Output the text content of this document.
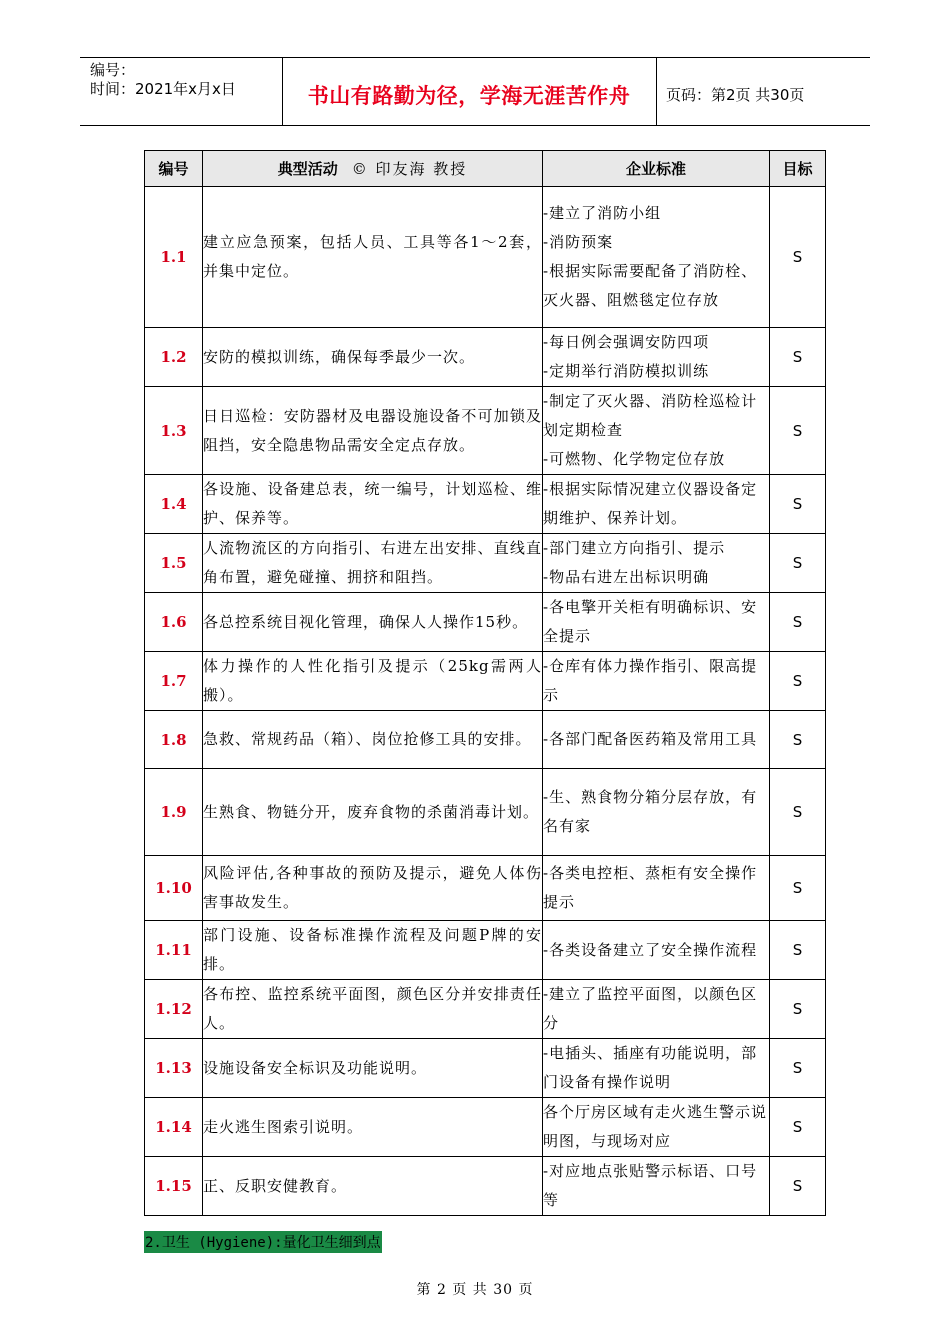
编号：
时间：2021年x月x日	书山有路勤为径，学海无涯苦作舟	页码：第2页 共30页
编号	典型活动 © 印友海 教授	企业标准	目标
1.1	建立应急预案，包括人员、工具等各1～2套，并集中定位。	-建立了消防小组
-消防预案
-根据实际需要配备了消防栓、灭火器、阻燃毯定位存放	S
1.2	安防的模拟训练，确保每季最少一次。	-每日例会强调安防四项
-定期举行消防模拟训练	S
1.3	日日巡检：安防器材及电器设施设备不可加锁及阻挡，安全隐患物品需安全定点存放。	-制定了灭火器、消防栓巡检计划定期检查
-可燃物、化学物定位存放	S
1.4	各设施、设备建总表，统一编号，计划巡检、维护、保养等。	-根据实际情况建立仪器设备定期维护、保养计划。	S
1.5	人流物流区的方向指引、右进左出安排、直线直角布置，避免碰撞、拥挤和阻挡。	-部门建立方向指引、提示
-物品右进左出标识明确	S
1.6	各总控系统目视化管理，确保人人操作15秒。	-各电擎开关柜有明确标识、安全提示	S
1.7	体力操作的人性化指引及提示（25kg需两人搬）。	-仓库有体力操作指引、限高提示	S
1.8	急救、常规药品（箱）、岗位抢修工具的安排。	-各部门配备医药箱及常用工具	S
1.9	生熟食、物链分开，废弃食物的杀菌消毒计划。	-生、熟食物分箱分层存放，有名有家	S
1.10	风险评估,各种事故的预防及提示，避免人体伤害事故发生。	-各类电控柜、蒸柜有安全操作提示	S
1.11	部门设施、设备标准操作流程及问题P牌的安排。	-各类设备建立了安全操作流程	S
1.12	各布控、监控系统平面图，颜色区分并安排责任人。	-建立了监控平面图，以颜色区分	S
1.13	设施设备安全标识及功能说明。	-电插头、插座有功能说明，部门设备有操作说明	S
1.14	走火逃生图索引说明。	各个厅房区域有走火逃生警示说明图，与现场对应	S
1.15	正、反职安健教育。	-对应地点张贴警示标语、口号等	S
2.卫生 (Hygiene):量化卫生细到点
第 2 页 共 30 页
